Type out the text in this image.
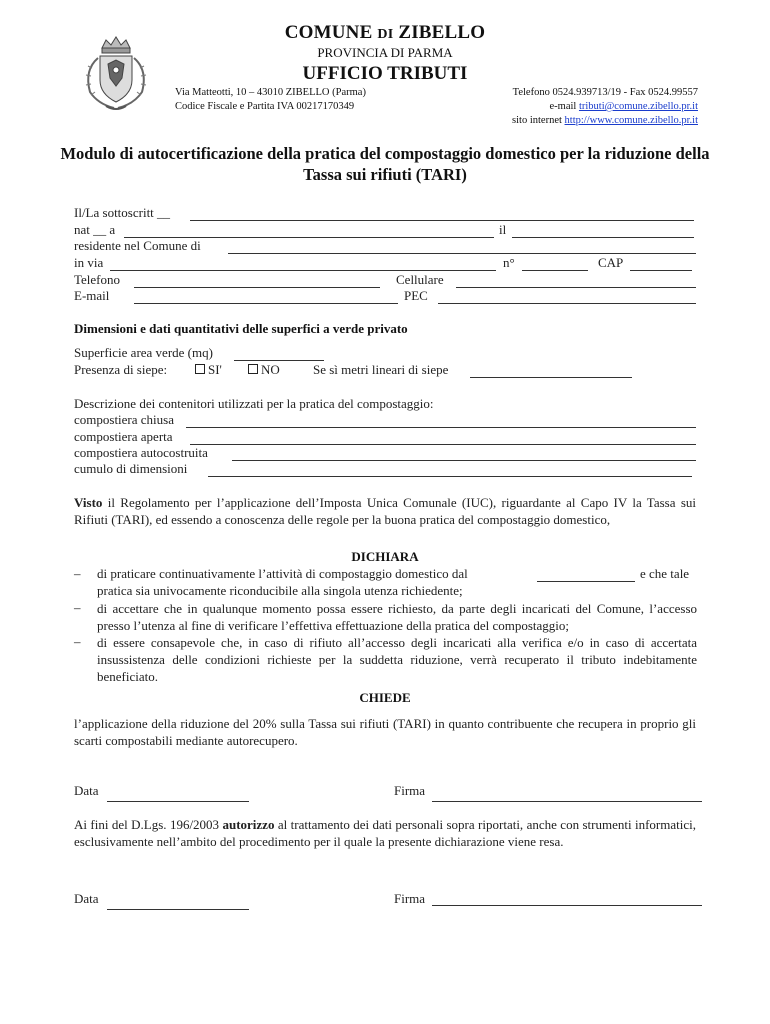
COMUNE DI ZIBELLO
PROVINCIA DI PARMA
UFFICIO TRIBUTI
Via Matteotti, 10 – 43010 ZIBELLO (Parma)
Codice Fiscale e Partita IVA 00217170349
Telefono 0524.939713/19 - Fax 0524.99557
e-mail tributi@comune.zibello.pr.it
sito internet http://www.comune.zibello.pr.it
Modulo di autocertificazione della pratica del compostaggio domestico per la riduzione della Tassa sui rifiuti (TARI)
Il/La sottoscritt __
nat __ a	il
residente nel Comune di
in via	n°	CAP
Telefono	Cellulare
E-mail	PEC
Dimensioni e dati quantitativi delle superfici a verde privato
Superficie area verde (mq)
Presenza di siepe:	SI'	NO	Se sì metri lineari di siepe
Descrizione dei contenitori utilizzati per la pratica del compostaggio:
compostiera chiusa
compostiera aperta
compostiera autocostruita
cumulo di dimensioni
Visto il Regolamento per l’applicazione dell’Imposta Unica Comunale (IUC), riguardante al Capo IV la Tassa sui Rifiuti (TARI), ed essendo a conoscenza delle regole per la buona pratica del compostaggio domestico,
DICHIARA
– di praticare continuativamente l’attività di compostaggio domestico dal	e che tale
pratica sia univocamente riconducibile alla singola utenza richiedente;
– di accettare che in qualunque momento possa essere richiesto, da parte degli incaricati del Comune, l’accesso presso l’utenza al fine di verificare l’effettiva effettuazione della pratica del compostaggio;
– di essere consapevole che, in caso di rifiuto all’accesso degli incaricati alla verifica e/o in caso di accertata insussistenza delle condizioni richieste per la suddetta riduzione, verrà recuperato il tributo indebitamente beneficiato.
CHIEDE
l’applicazione della riduzione del 20% sulla Tassa sui rifiuti (TARI) in quanto contribuente che recupera in proprio gli scarti compostabili mediante autorecupero.
Data	Firma
Ai fini del D.Lgs. 196/2003 autorizzo al trattamento dei dati personali sopra riportati, anche con strumenti informatici, esclusivamente nell’ambito del procedimento per il quale la presente dichiarazione viene resa.
Data	Firma
